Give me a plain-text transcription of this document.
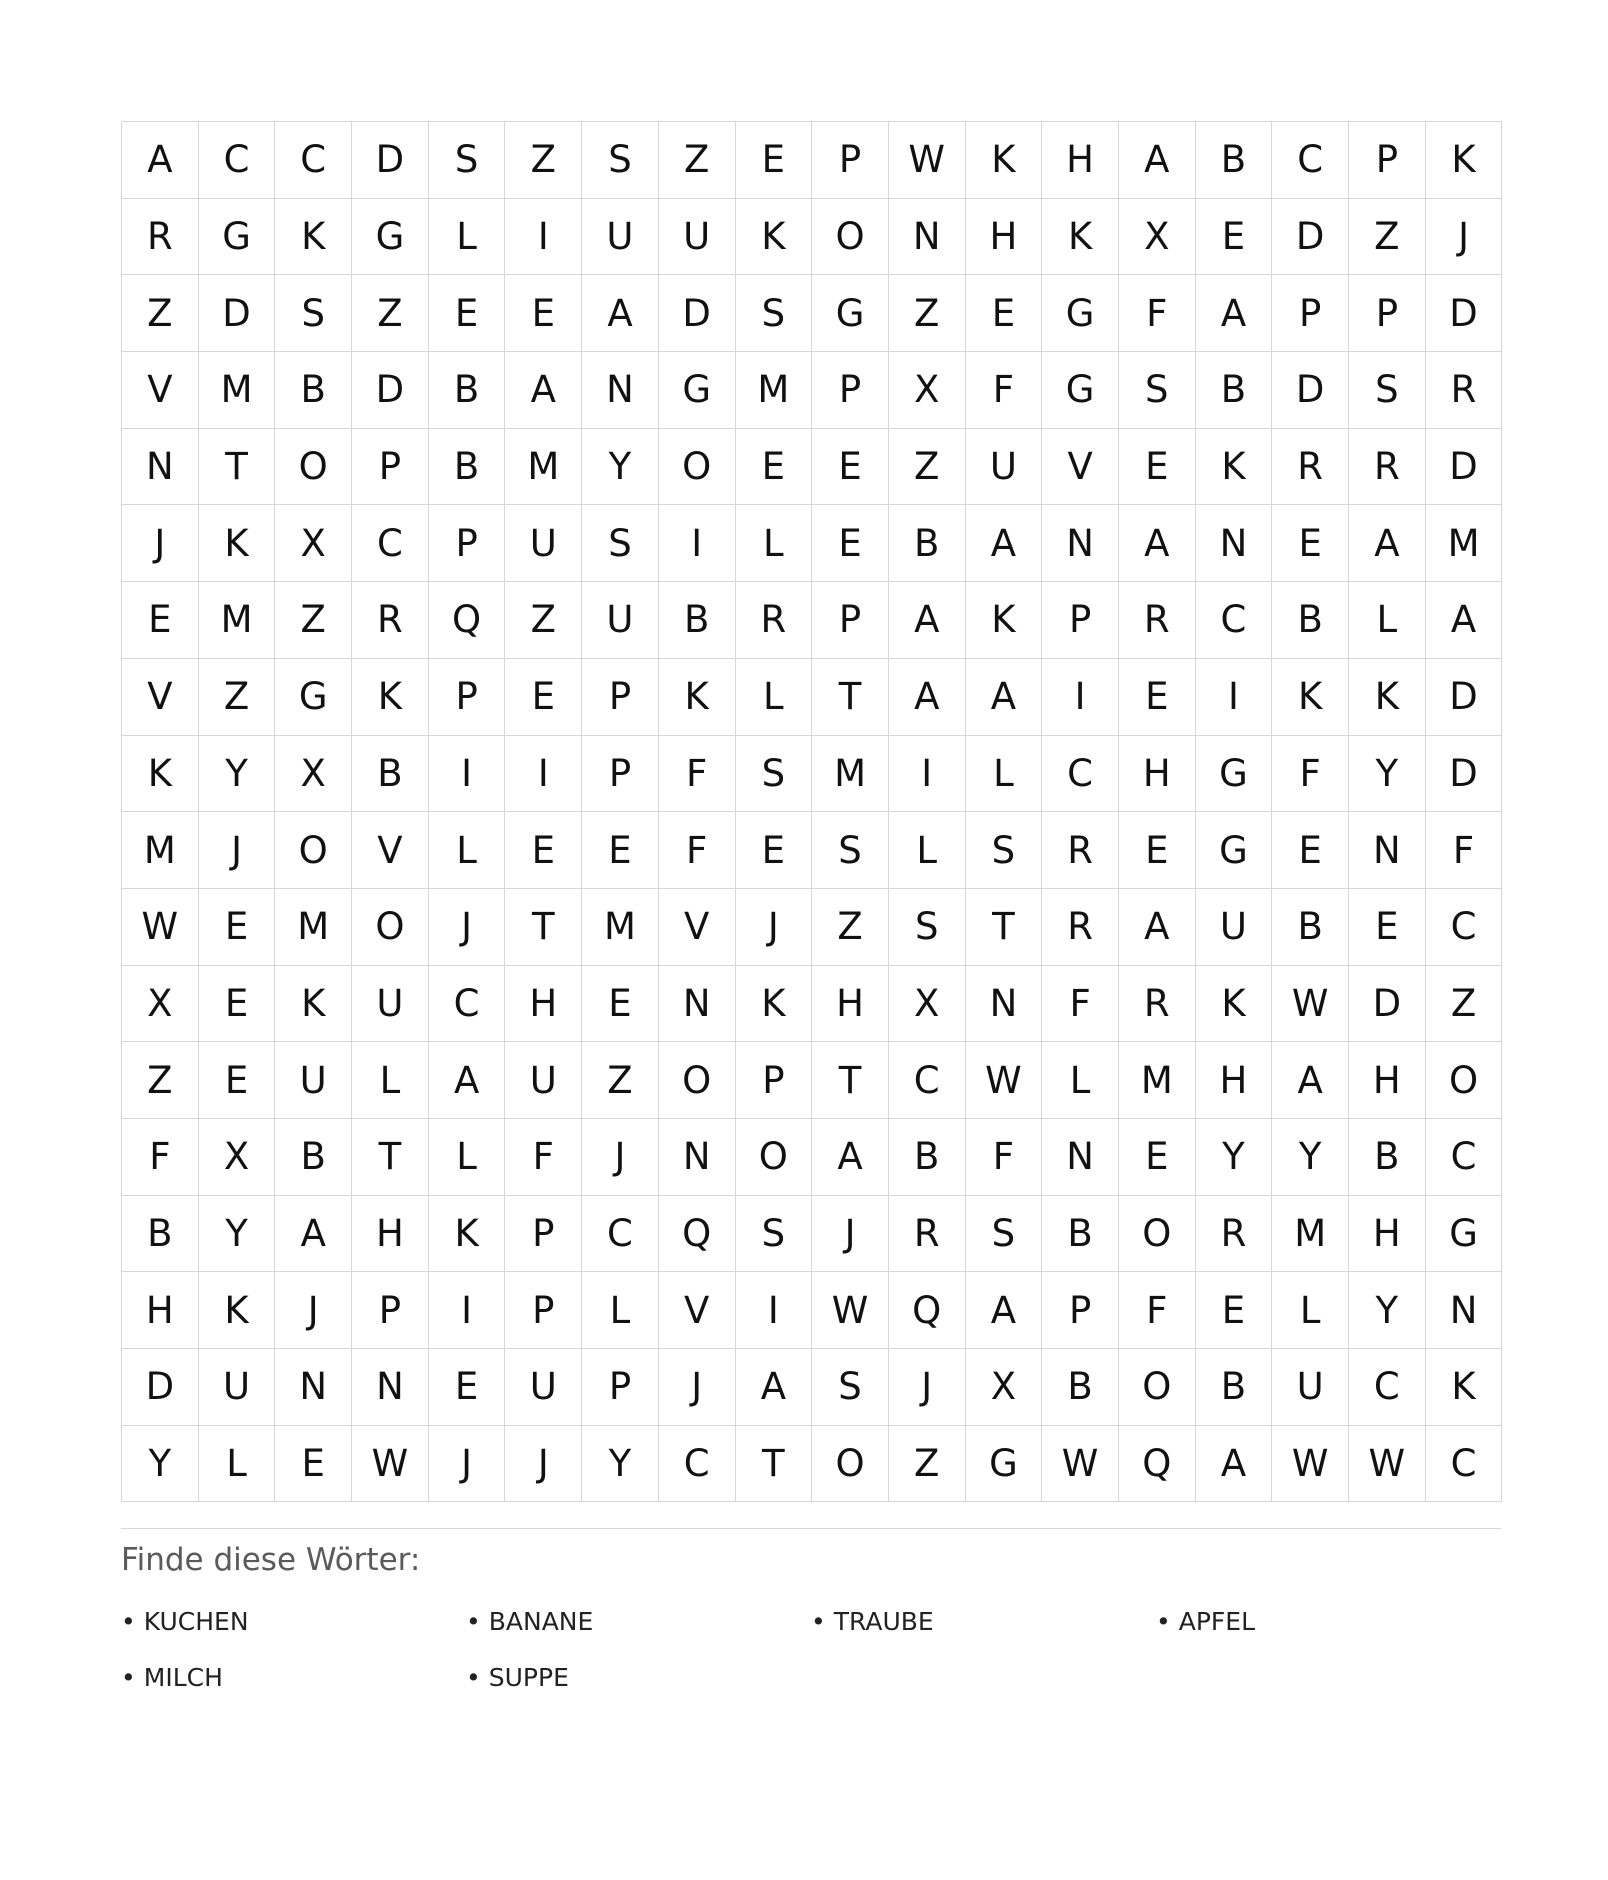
A	C	C	D	S	Z	S	Z	E	P	W	K	H	A	B	C	P	K
R	G	K	G	L	I	U	U	K	O	N	H	K	X	E	D	Z	J
Z	D	S	Z	E	E	A	D	S	G	Z	E	G	F	A	P	P	D
V	M	B	D	B	A	N	G	M	P	X	F	G	S	B	D	S	R
N	T	O	P	B	M	Y	O	E	E	Z	U	V	E	K	R	R	D
J	K	X	C	P	U	S	I	L	E	B	A	N	A	N	E	A	M
E	M	Z	R	Q	Z	U	B	R	P	A	K	P	R	C	B	L	A
V	Z	G	K	P	E	P	K	L	T	A	A	I	E	I	K	K	D
K	Y	X	B	I	I	P	F	S	M	I	L	C	H	G	F	Y	D
M	J	O	V	L	E	E	F	E	S	L	S	R	E	G	E	N	F
W	E	M	O	J	T	M	V	J	Z	S	T	R	A	U	B	E	C
X	E	K	U	C	H	E	N	K	H	X	N	F	R	K	W	D	Z
Z	E	U	L	A	U	Z	O	P	T	C	W	L	M	H	A	H	O
F	X	B	T	L	F	J	N	O	A	B	F	N	E	Y	Y	B	C
B	Y	A	H	K	P	C	Q	S	J	R	S	B	O	R	M	H	G
H	K	J	P	I	P	L	V	I	W	Q	A	P	F	E	L	Y	N
D	U	N	N	E	U	P	J	A	S	J	X	B	O	B	U	C	K
Y	L	E	W	J	J	Y	C	T	O	Z	G	W	Q	A	W	W	C
Finde diese Wörter:
• KUCHEN	• BANANE	• TRAUBE	• APFEL
• MILCH	• SUPPE
